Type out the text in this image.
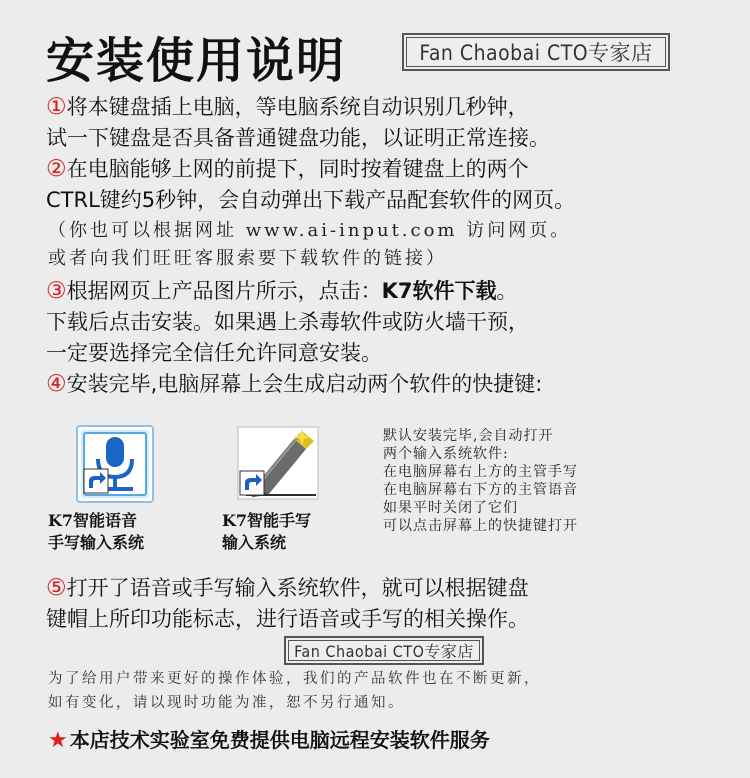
安装使用说明	Fan Chaobai CTO专家店
①将本键盘插上电脑，等电脑系统自动识别几秒钟，
试一下键盘是否具备普通键盘功能，以证明正常连接。
②在电脑能够上网的前提下，同时按着键盘上的两个
CTRL键约5秒钟，会自动弹出下载产品配套软件的网页。
（你也可以根据网址 www.ai-input.com 访问网页。
或者向我们旺旺客服索要下载软件的链接）
③根据网页上产品图片所示，点击：K7软件下载。
下载后点击安装。如果遇上杀毒软件或防火墙干预，
一定要选择完全信任允许同意安装。
④安装完毕,电脑屏幕上会生成启动两个软件的快捷键:
K7智能语音
手写输入系统
K7智能手写
输入系统
默认安装完毕,会自动打开
两个输入系统软件:
在电脑屏幕右上方的主管手写
在电脑屏幕右下方的主管语音
如果平时关闭了它们
可以点击屏幕上的快捷键打开
⑤打开了语音或手写输入系统软件，就可以根据键盘
键帽上所印功能标志，进行语音或手写的相关操作。
Fan Chaobai CTO专家店
为了给用户带来更好的操作体验，我们的产品软件也在不断更新，
如有变化，请以现时功能为准，恕不另行通知。
★ 本店技术实验室免费提供电脑远程安装软件服务
